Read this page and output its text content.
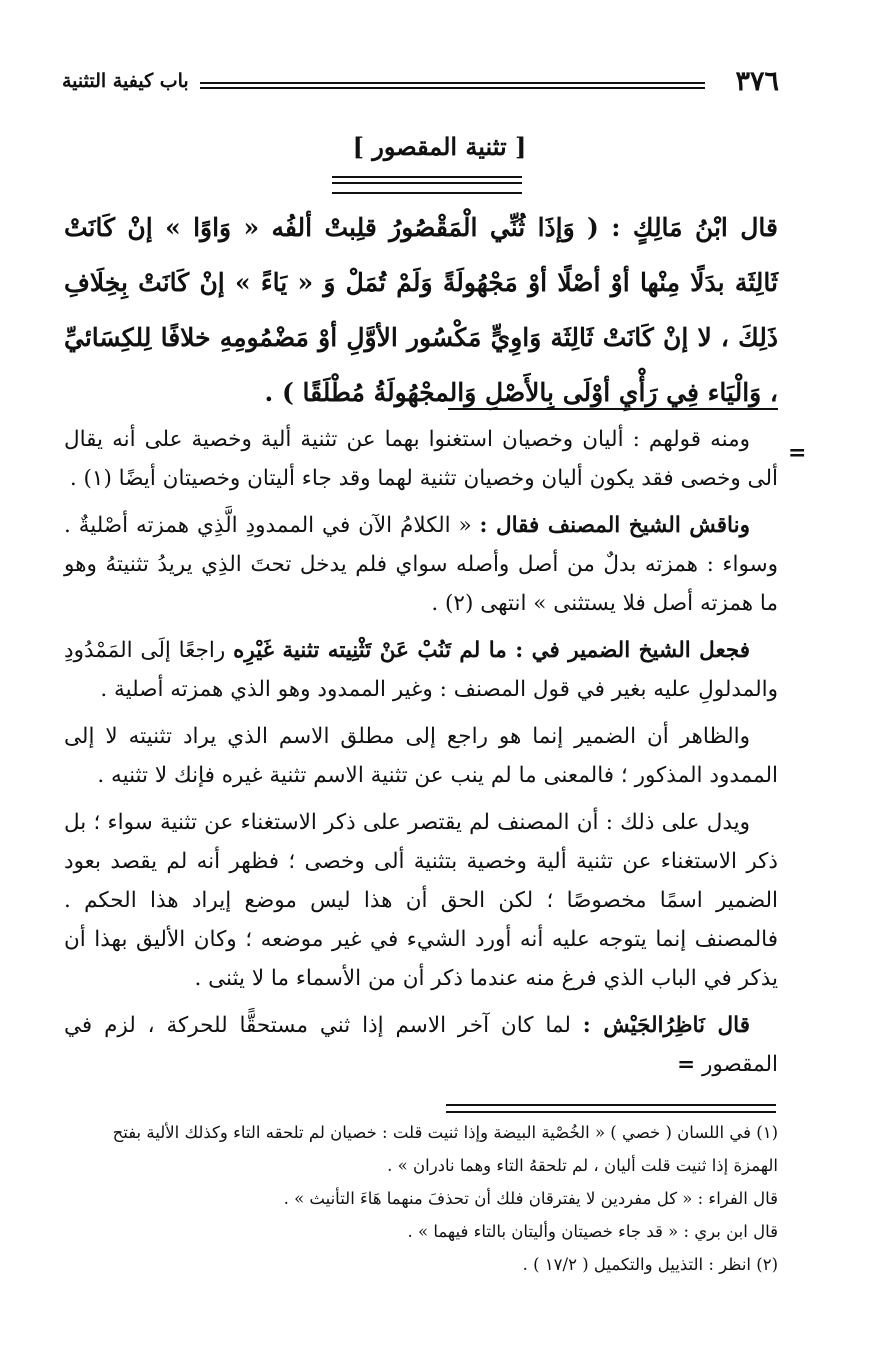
٣٧٦
باب كيفية التثنية
[ تثنية المقصور ]
قال ابْنُ مَالِكٍ : ( وَإذَا ثُنِّي الْمَقْصُورُ قلِبتْ ألفُه « وَاوًا » إنْ كَانَتْ ثَالِثَة بدَلًا مِنْها أوْ أصْلًا أوْ مَجْهُولَةً وَلَمْ تُمَلْ وَ « يَاءً » إنْ كَانَتْ بِخِلَافِ ذَلِكَ ، لا إنْ كَانَتْ ثَالِثَة وَاوِيٍّ مَكْسُور الأوَّلِ أوْ مَضْمُومِهِ خلافًا لِلكِسَائيِّ ، وَالْيَاء فِي رَأْيِ أوْلَى بِالأَصْلِ وَالمجْهُولَةُ مُطْلَقًا ) .
=

ومنه قولهم : أليان وخصيان استغنوا بهما عن تثنية ألية وخصية على أنه يقال ألى وخصى فقد يكون أليان وخصيان تثنية لهما وقد جاء أليتان وخصيتان أيضًا (١) .

وناقش الشيخ المصنف فقال : « الكلامُ الآن في الممدودِ الَّذِي همزته أصْليةٌ . وسواء : همزته بدلٌ من أصل وأصله سواي فلم يدخل تحتَ الذِي يريدُ تثنيتهُ وهو ما همزته أصل فلا يستثنى » انتهى (٢) .

فجعل الشيخ الضمير في : ما لم تَنُبْ عَنْ تَثْنِيته تثنية غَيْرِه راجعًا إلَى المَمْدُودِ والمدلولِ عليه بغير في قول المصنف : وغير الممدود وهو الذي همزته أصلية .

والظاهر أن الضمير إنما هو راجع إلى مطلق الاسم الذي يراد تثنيته لا إلى الممدود المذكور ؛ فالمعنى ما لم ينب عن تثنية الاسم تثنية غيره فإنك لا تثنيه .

ويدل على ذلك : أن المصنف لم يقتصر على ذكر الاستغناء عن تثنية سواء ؛ بل ذكر الاستغناء عن تثنية ألية وخصية بتثنية ألى وخصى ؛ فظهر أنه لم يقصد بعود الضمير اسمًا مخصوصًا ؛ لكن الحق أن هذا ليس موضع إيراد هذا الحكم . فالمصنف إنما يتوجه عليه أنه أورد الشيء في غير موضعه ؛ وكان الأليق بهذا أن يذكر في الباب الذي فرغ منه عندما ذكر أن من الأسماء ما لا يثنى .

قال نَاظِرُالجَيْش : لما كان آخر الاسم إذا ثني مستحقًّا للحركة ، لزم في المقصور =

(١) في اللسان ( خصي ) « الخُصْية البيضة وإذا ثنيت قلت : خصيان لم تلحقه التاء وكذلك الألية بفتح

الهمزة إذا ثنيت قلت أليان ، لم تلحقهُ التاء وهما نادران » .

قال الفراء : « كل مفردين لا يفترقان فلك أن تحذفَ منهما هَاءَ التأنيث » .

قال ابن بري : « قد جاء خصيتان وأليتان بالتاء فيهما » .

(٢) انظر : التذييل والتكميل ( ١٧/٢ ) .
